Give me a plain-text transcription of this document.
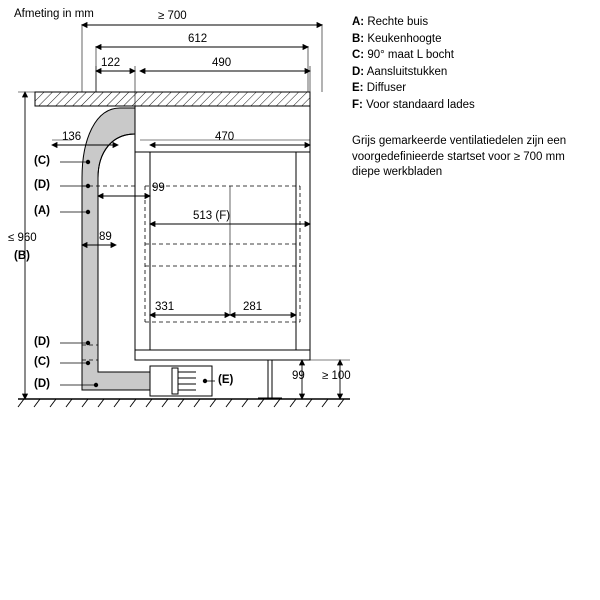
Afmeting in mm
A: Rechte buis
B: Keukenhoogte
C: 90° maat L bocht
D: Aansluitstukken
E: Diffuser
F: Voor standaard lades
Grijs gemarkeerde ventilatiedelen zijn een voorgedefinieerde startset voor ≥ 700 mm diepe werkbladen
≥ 700
612
122	490
136	470
99
513 (F)
89
331	281
≤ 960
(B)
99 ≥ 100
(C)
(D)
(A)
(D)
(C)
(D)	(E)
